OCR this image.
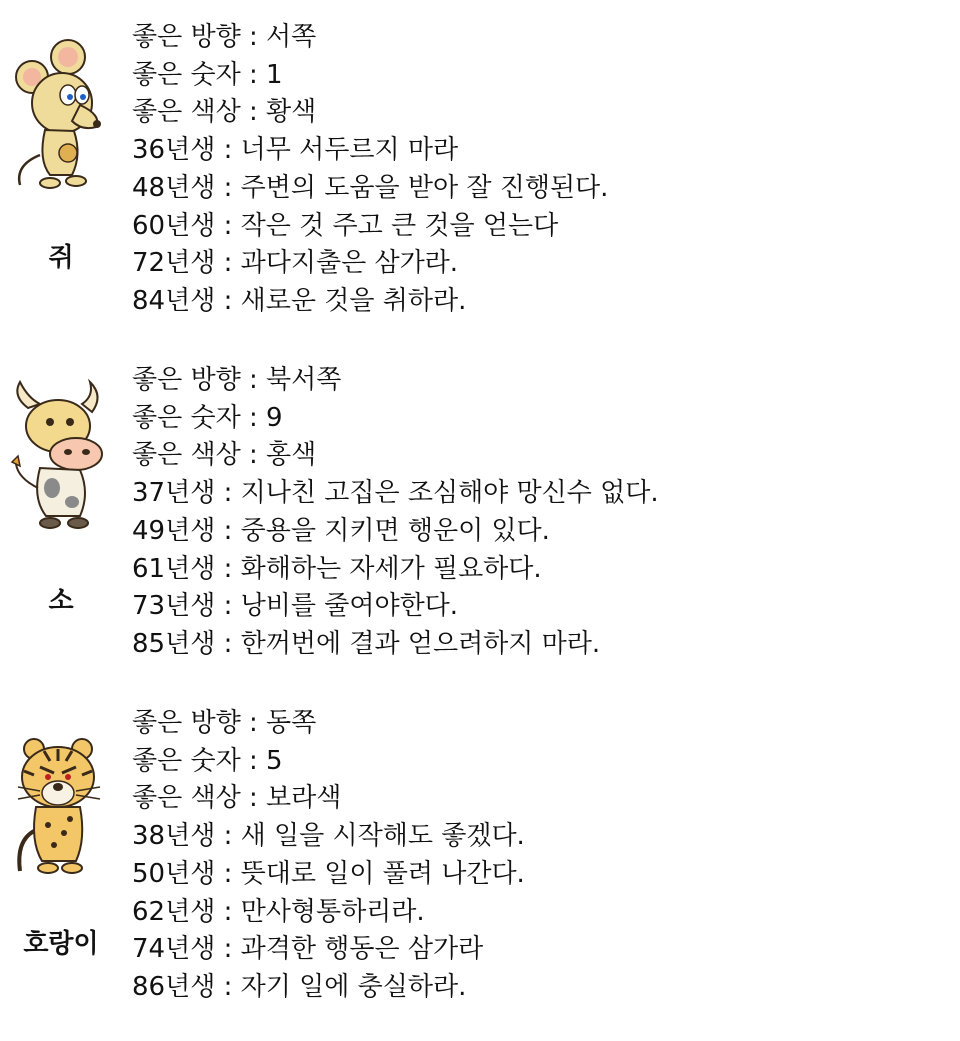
쥐
좋은 방향 : 서쪽
좋은 숫자 : 1
좋은 색상 : 황색
36년생 : 너무 서두르지 마라
48년생 : 주변의 도움을 받아 잘 진행된다.
60년생 : 작은 것 주고 큰 것을 얻는다
72년생 : 과다지출은 삼가라.
84년생 : 새로운 것을 취하라.
소
좋은 방향 : 북서쪽
좋은 숫자 : 9
좋은 색상 : 홍색
37년생 : 지나친 고집은 조심해야 망신수 없다.
49년생 : 중용을 지키면 행운이 있다.
61년생 : 화해하는 자세가 필요하다.
73년생 : 낭비를 줄여야한다.
85년생 : 한꺼번에 결과 얻으려하지 마라.
호랑이
좋은 방향 : 동쪽
좋은 숫자 : 5
좋은 색상 : 보라색
38년생 : 새 일을 시작해도 좋겠다.
50년생 : 뜻대로 일이 풀려 나간다.
62년생 : 만사형통하리라.
74년생 : 과격한 행동은 삼가라
86년생 : 자기 일에 충실하라.
